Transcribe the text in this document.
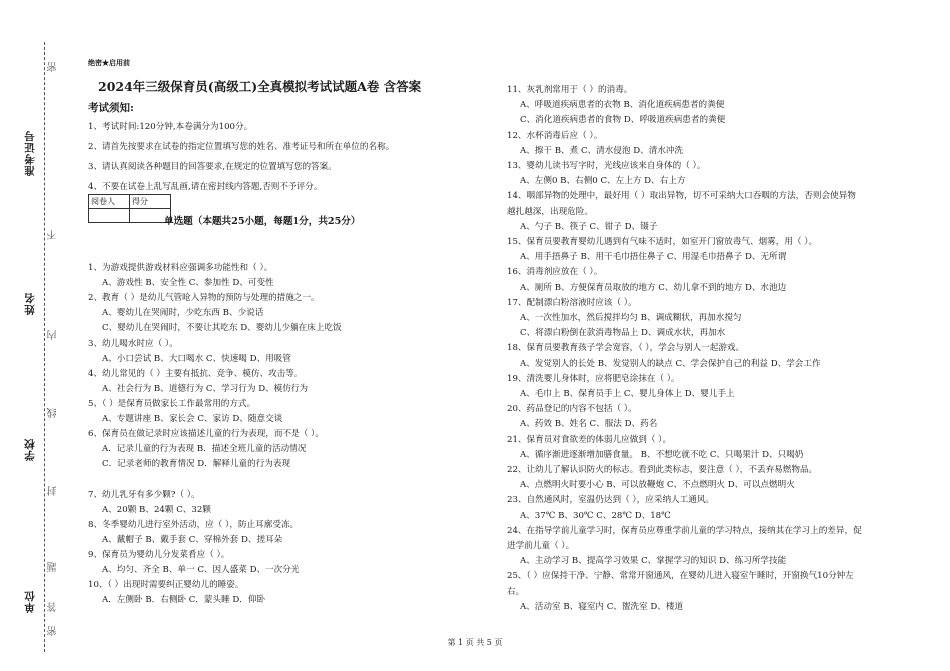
准考证号
姓名
学校
单位
密
不
内
线
封
题
答
密
绝密★启用前
2024年三级保育员(高级工)全真模拟考试试题A卷 含答案
考试须知:
1、考试时间:120分钟,本卷满分为100分。
2、请首先按要求在试卷的指定位置填写您的姓名、准考证号和所在单位的名称。
3、请认真阅读各种题目的回答要求,在规定的位置填写您的答案。
4、不要在试卷上乱写乱画,请在密封线内答题,否则不予评分。
阅卷人	得分

单选题（本题共25小题，每题1分，共25分）
1、为游戏提供游戏材料应强调多功能性和（ ）。
A、游戏性 B、安全性 C、参加性 D、可变性
2、教育（ ）是幼儿气管呛入异物的预防与处理的措施之一。
A、婴幼儿在哭闹时，少吃东西 B、少说话
C、婴幼儿在哭闹时，不要让其吃东 D、婴幼儿少躺在床上吃饭
3、幼儿喝水时应（ ）。
A、小口尝试 B、大口喝水 C、快速喝 D、用吸管
4、幼儿常见的（ ）主要有抵抗、竞争、模仿、攻击等。
A、社会行为 B、道德行为 C、学习行为 D、模仿行为
5、（ ）是保育员做家长工作最常用的方式。
A、专题讲座 B、家长会 C、家访 D、随意交谈
6、保育员在做记录时应该描述儿童的行为表现，而不是（ ）。
A．记录儿童的行为表现 B．描述全班儿童的活动情况
C．记录老师的教育情况 D．解释儿童的行为表现
7、幼儿乳牙有多少颗?（ ）。
A、20颗 B、24颗 C、32颗
8、冬季婴幼儿进行室外活动，应（ ），防止耳廓受冻。
A、戴帽子 B、戴手套 C、穿棉外套 D、搓耳朵
9、保育员为婴幼儿分发菜肴应（ ）。
A、均匀、齐全 B、单一 C、因人盛菜 D、一次分光
10、（ ）出现时需要纠正婴幼儿的睡姿。
A．左侧卧 B．右侧卧 C．蒙头睡 D．仰卧
11、灰乳剂常用于（ ）的消毒。
A、呼吸道疾病患者的衣物 B、消化道疾病患者的粪便
C、消化道疾病患者的食物 D、呼吸道疾病患者的粪便
12、水杯消毒后应（ ）。
A、擦干 B、煮 C、清水侵泡 D、清水冲洗
13、婴幼儿读书写字时，光线应该来自身体的（ ）。
A、左侧0 B、右侧0 C、左上方 D、右上方
14、咽部异物的处理中，最好用（ ）取出异物，切不可采纳大口吞咽的方法，否则会使异物
越扎越深，出现危险。
A、勺子 B、筷子 C、钳子 D、镊子
15、保育员要教育婴幼儿遇到有气味不适时，如室开门窗放毒气、烟雾，用（ ）。
A、用手捂鼻子 B、用干毛巾捂住鼻子 C、用湿毛巾捂鼻子 D、无所谓
16、消毒剂应放在（ ）。
A、厕所 B、方便保育员取放的地方 C、幼儿拿不到的地方 D、水池边
17、配制漂白粉溶液时应该（ ）。
A、一次性加水，然后搅拌均匀 B、调成糊状，再加水搅匀
C、将漂白粉倒在款消毒物品上 D、调成水状，再加水
18、保育员要教育孩子学会宽容，（ ），学会与别人一起游戏。
A、发觉别人的长处 B、发觉别人的缺点 C、学会保护自己的利益 D、学会工作
19、清洗婴儿身体时，应将肥皂涂抹在（ ）。
A、毛巾上 B、保育员手上 C、婴儿身体上 D、婴儿手上
20、药品登记的内容不包括（ ）。
A、药效 B、姓名 C、服法 D、药名
21、保育员对食欲差的体弱儿应做到（ ）。
A、循序渐进逐渐增加膳食量。 B、不想吃就不吃 C、只喝果汁 D、只喝奶
22、让幼儿了解认识防火的标志。看到此类标志，要注意（ ），不丢弃易燃物品。
A、点燃明火时要小心 B、可以放鞭炮 C、不点燃明火 D、可以点燃明火
23、自然通风时，室温仍达到（ ），应采纳人工通风。
A、37℃ B、30℃ C、28℃ D、18℃
24、在指导学前儿童学习时，保育员应尊重学前儿童的学习特点，接纳其在学习上的差异，促
进学前儿童（ ）。
A、主动学习 B、提高学习效果 C、掌握学习的知识 D、练习所学技能
25、（ ）应保持干净、宁静、常常开窗通风，在婴幼儿进入寝室午睡时，开窗换气10分钟左
右。
A、活动室 B、寝室内 C、盥洗室 D、楼道
第 1 页 共 5 页
